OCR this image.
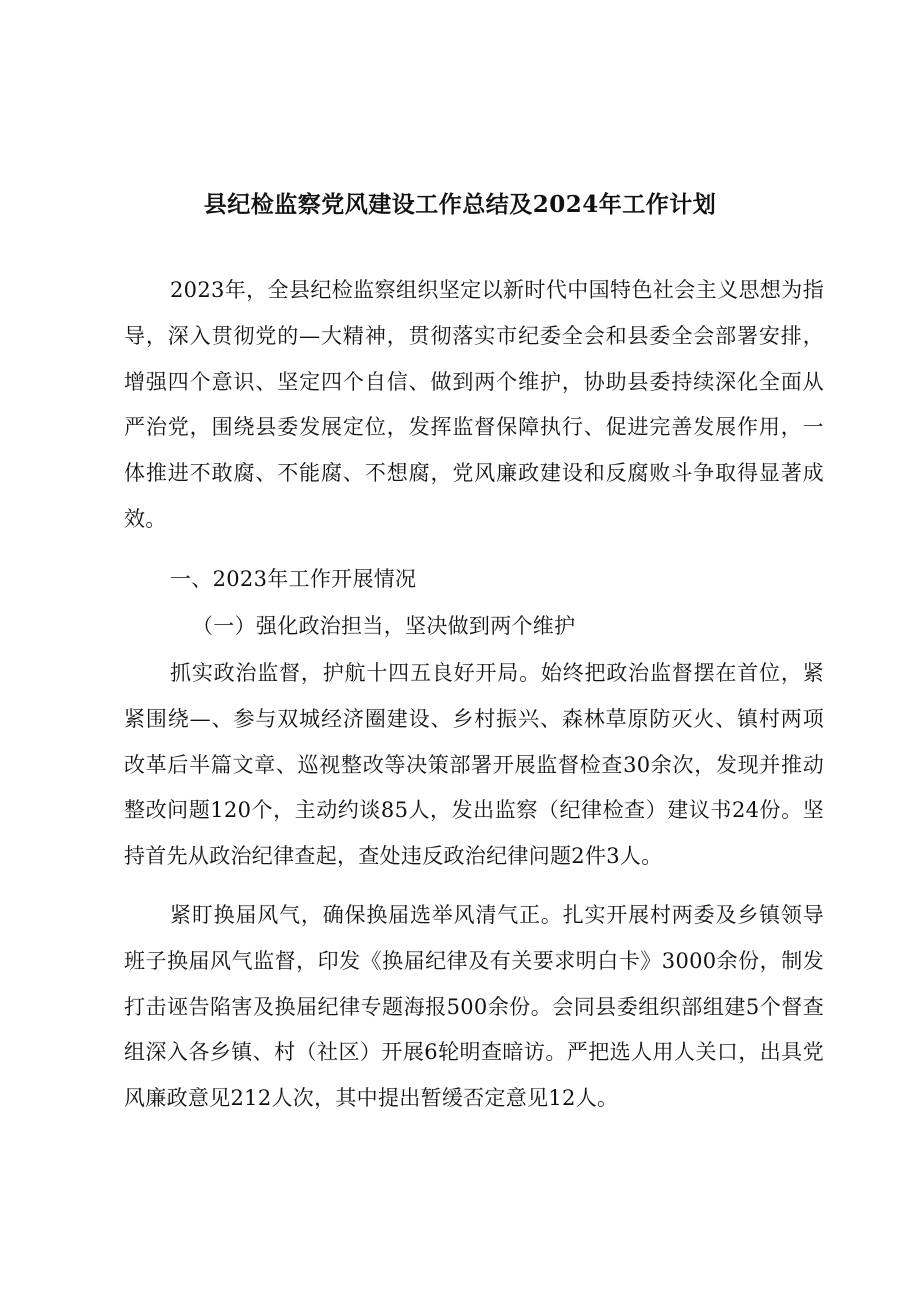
县纪检监察党风建设工作总结及2024年工作计划

2023年，全县纪检监察组织坚定以新时代中国特色社会主义思想为指导，深入贯彻党的—大精神，贯彻落实市纪委全会和县委全会部署安排，增强四个意识、坚定四个自信、做到两个维护，协助县委持续深化全面从严治党，围绕县委发展定位，发挥监督保障执行、促进完善发展作用，一体推进不敢腐、不能腐、不想腐，党风廉政建设和反腐败斗争取得显著成效。

一、2023年工作开展情况

（一）强化政治担当，坚决做到两个维护

抓实政治监督，护航十四五良好开局。始终把政治监督摆在首位，紧紧围绕—、参与双城经济圈建设、乡村振兴、森林草原防灭火、镇村两项改革后半篇文章、巡视整改等决策部署开展监督检查30余次，发现并推动整改问题120个，主动约谈85人，发出监察（纪律检查）建议书24份。坚持首先从政治纪律查起，查处违反政治纪律问题2件3人。

紧盯换届风气，确保换届选举风清气正。扎实开展村两委及乡镇领导班子换届风气监督，印发《换届纪律及有关要求明白卡》3000余份，制发打击诬告陷害及换届纪律专题海报500余份。会同县委组织部组建5个督查组深入各乡镇、村（社区）开展6轮明查暗访。严把选人用人关口，出具党风廉政意见212人次，其中提出暂缓否定意见12人。
